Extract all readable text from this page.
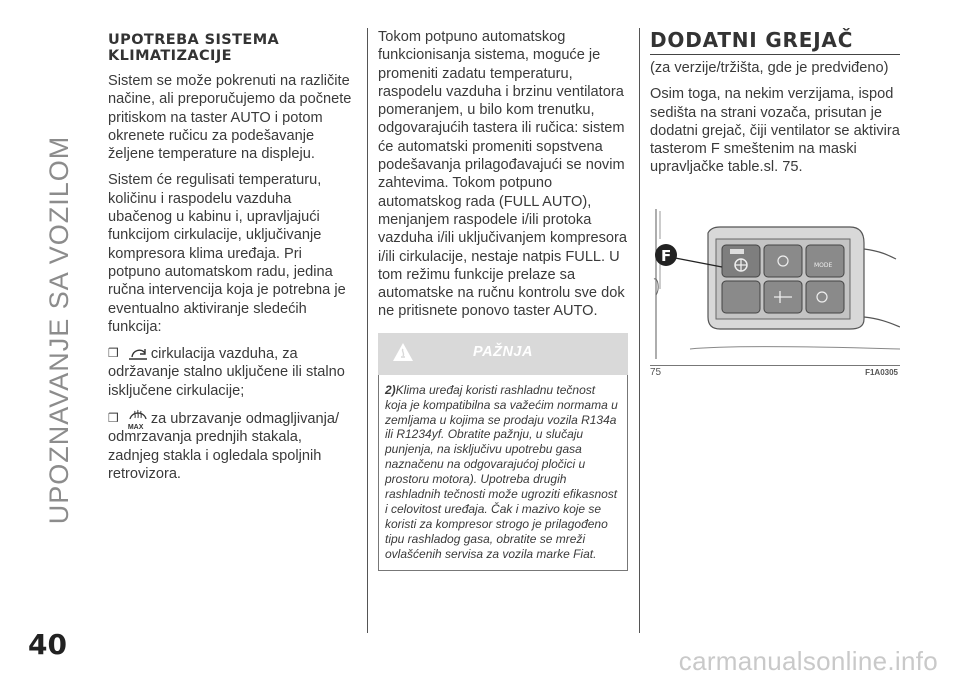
UPOZNAVANJE SA VOZILOM
UPOTREBA SISTEMA KLIMATIZACIJE

Sistem se može pokrenuti na različite načine, ali preporučujemo da počnete pritiskom na taster AUTO i potom okrenete ručicu za podešavanje željene temperature na displeju.

Sistem će regulisati temperaturu, količinu i raspodelu vazduha ubačenog u kabinu i, upravljajući funkcijom cirkulacije, uključivanje kompresora klima uređaja. Pri potpuno automatskom radu, jedina ručna intervencija koja je potrebna je eventualno aktiviranje sledećih funkcija:

❒ cirkulacija vazduha, za održavanje stalno uključene ili stalno isključene cirkulacije;

❒
MAX
za ubrzavanje odmagljivanja/ odmrzavanja prednjih stakala, zadnjeg stakla i ogledala spoljnih retrovizora.

Tokom potpuno automatskog funkcionisanja sistema, moguće je promeniti zadatu temperaturu, raspodelu vazduha i brzinu ventilatora pomeranjem, u bilo kom trenutku, odgovarajućih tastera ili ručica: sistem će automatski promeniti sopstvena podešavanja prilagođavajući se novim zahtevima. Tokom potpuno automatskog rada (FULL AUTO), menjanjem raspodele i/ili protoka vazduha i/ili uključivanjem kompresora i/ili cirkulacije, nestaje natpis FULL. U tom režimu funkcije prelaze sa automatske na ručnu kontrolu sve dok ne pritisnete ponovo taster AUTO.

PAŽNJA
2)Klima uređaj koristi rashladnu tečnost koja je kompatibilna sa važećim normama u zemljama u kojima se prodaju vozila R134a ili R1234yf. Obratite pažnju, u slučaju punjenja, na isključivu upotrebu gasa naznačenu na odgovarajućoj pločici u prostoru motora). Upotreba drugih rashladnih tečnosti može ugroziti efikasnost i celovitost uređaja. Čak i mazivo koje se koristi za kompresor strogo je prilagođeno tipu rashladog gasa, obratite se mreži ovlašćenih servisa za vozila marke Fiat.
DODATNI GREJAČ

(za verzije/tržišta, gde je predviđeno)

Osim toga, na nekim verzijama, ispod sedišta na strani vozača, prisutan je dodatni grejač, čiji ventilator se aktivira tasterom F smeštenim na maski upravljačke table.sl. 75.

MODE
F
75	F1A0305
40	carmanualsonline.info
